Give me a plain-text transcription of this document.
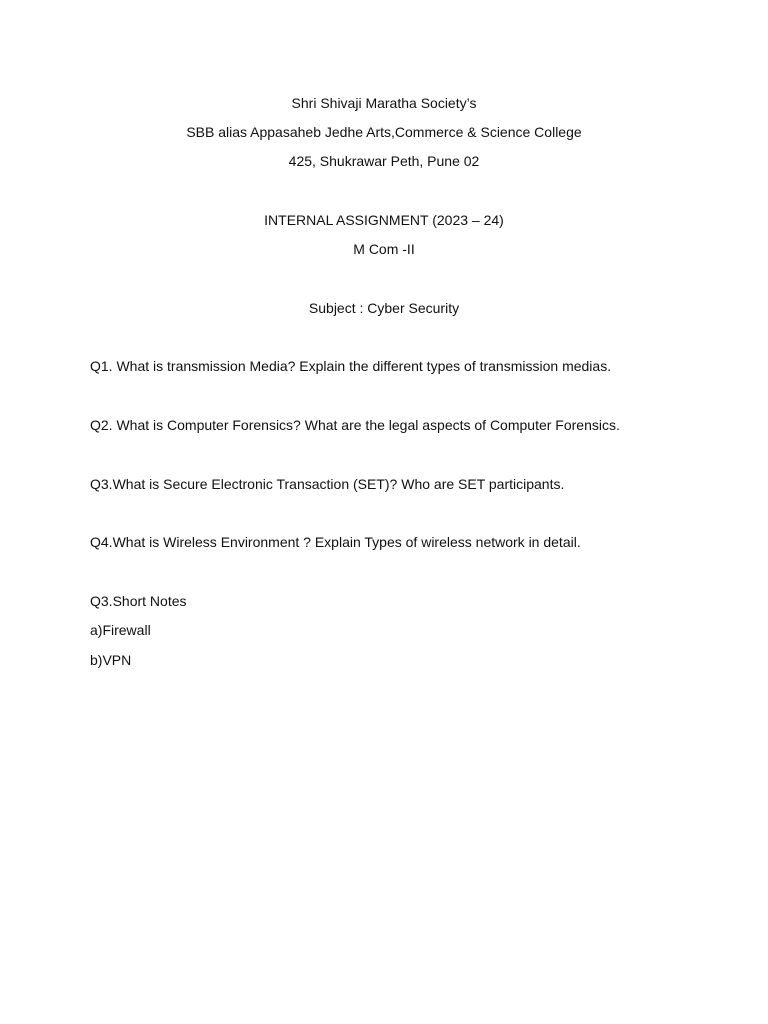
Shri Shivaji Maratha Society’s
SBB alias Appasaheb Jedhe Arts,Commerce & Science College
425, Shukrawar Peth, Pune 02
INTERNAL ASSIGNMENT (2023 – 24)
M Com -II
Subject : Cyber Security
Q1. What is transmission Media? Explain the different types of transmission medias.
Q2. What is Computer Forensics? What are the legal aspects of Computer Forensics.
Q3.What is Secure Electronic Transaction (SET)? Who are SET participants.
Q4.What is Wireless Environment ? Explain Types of wireless network in detail.
Q3.Short Notes
a)Firewall
b)VPN
